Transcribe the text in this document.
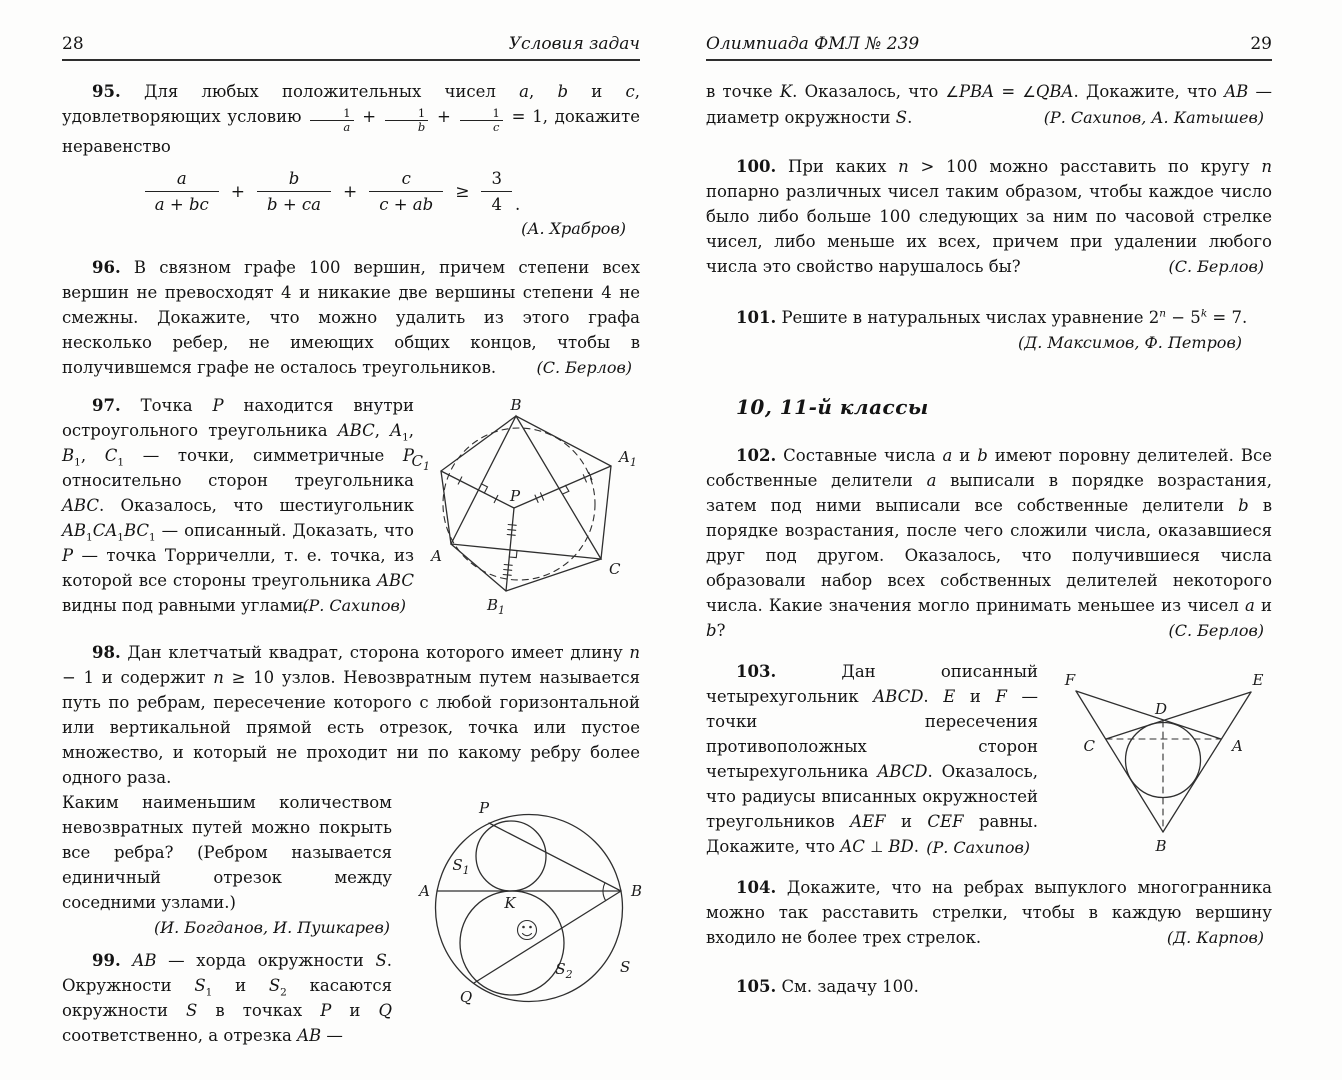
28	Условия задач

95. Для любых положительных чисел a, b и c, удовлетворяющих условию $\frac{1}{a} + \frac{1}{b} + \frac{1}{c} = 1$, докажите неравенство

$\frac{a}{a + bc} + \frac{b}{b + ca} + \frac{c}{c + ab} \ge \frac{3}{4}$ .

(А. Храбров)

96. В связном графе 100 вершин, причем степени всех вершин не превосходят 4 и никакие две вершины степени 4 не смежны. Докажите, что можно удалить из этого графа несколько ребер, не имеющих общих концов, чтобы в получившемся графе не осталось треугольников.	(С. Берлов)

97. Точка P находится внутри остроугольного треугольника ABC, $A_1$, $B_1$, $C_1$ — точки, симметричные P относительно сторон треугольника ABC. Оказалось, что шестиугольник $AB_1CA_1BC_1$ — описанный. Доказать, что P — точка Торричелли, т. е. точка, из которой все стороны треугольника ABC видны под равными углами.

(Р. Сахипов)

B
$C_1$
$A_1$
P
A
C
$B_1$

98. Дан клетчатый квадрат, сторона которого имеет длину n − 1 и содержит n ≥ 10 узлов. Невозвратным путем называется путь по ребрам, пересечение которого с любой горизонтальной или вертикальной прямой есть отрезок, точка или пустое множество, и который не проходит ни по какому ребру более одного раза.

Каким наименьшим количеством невозвратных путей можно покрыть все ребра? (Ребром называется единичный отрезок между соседними узлами.)

(И. Богданов, И. Пушкарев)

99. AB — хорда окружности S. Окружности $S_1$ и $S_2$ касаются окружности S в точках P и Q соответственно, а отрезка AB —

P
A	B
K
$S_1$
$S_2$	S
Q
Олимпиада ФМЛ № 239	29

в точке K. Оказалось, что ∠PBA = ∠QBA. Докажите, что AB — диаметр окружности S.	(Р. Сахипов, А. Катышев)

100. При каких n > 100 можно расставить по кругу n попарно различных чисел таким образом, чтобы каждое число было либо больше 100 следующих за ним по часовой стрелке чисел, либо меньше их всех, причем при удалении любого числа это свойство нарушалось бы?	(С. Берлов)

101. Решите в натуральных числах уравнение $2^n - 5^k = 7$.

(Д. Максимов, Ф. Петров)

10, 11-й классы

102. Составные числа a и b имеют поровну делителей. Все собственные делители a выписали в порядке возрастания, затем под ними выписали все собственные делители b в порядке возрастания, после чего сложили числа, оказавшиеся друг под другом. Оказалось, что получившиеся числа образовали набор всех собственных делителей некоторого числа. Какие значения могло принимать меньшее из чисел a и b?	(С. Берлов)

103.	Дан описанный четырехугольник ABCD. E и F — точки пересечения противоположных сторон четырехугольника ABCD. Оказалось, что радиусы вписанных окружностей треугольников AEF и CEF равны. Докажите, что AC ⊥ BD. (Р. Сахипов)

F	E
D
C	A
B

104. Докажите, что на ребрах выпуклого многогранника можно так расставить стрелки, чтобы в каждую вершину входило не более трех стрелок.	(Д. Карпов)

105. См. задачу 100.
